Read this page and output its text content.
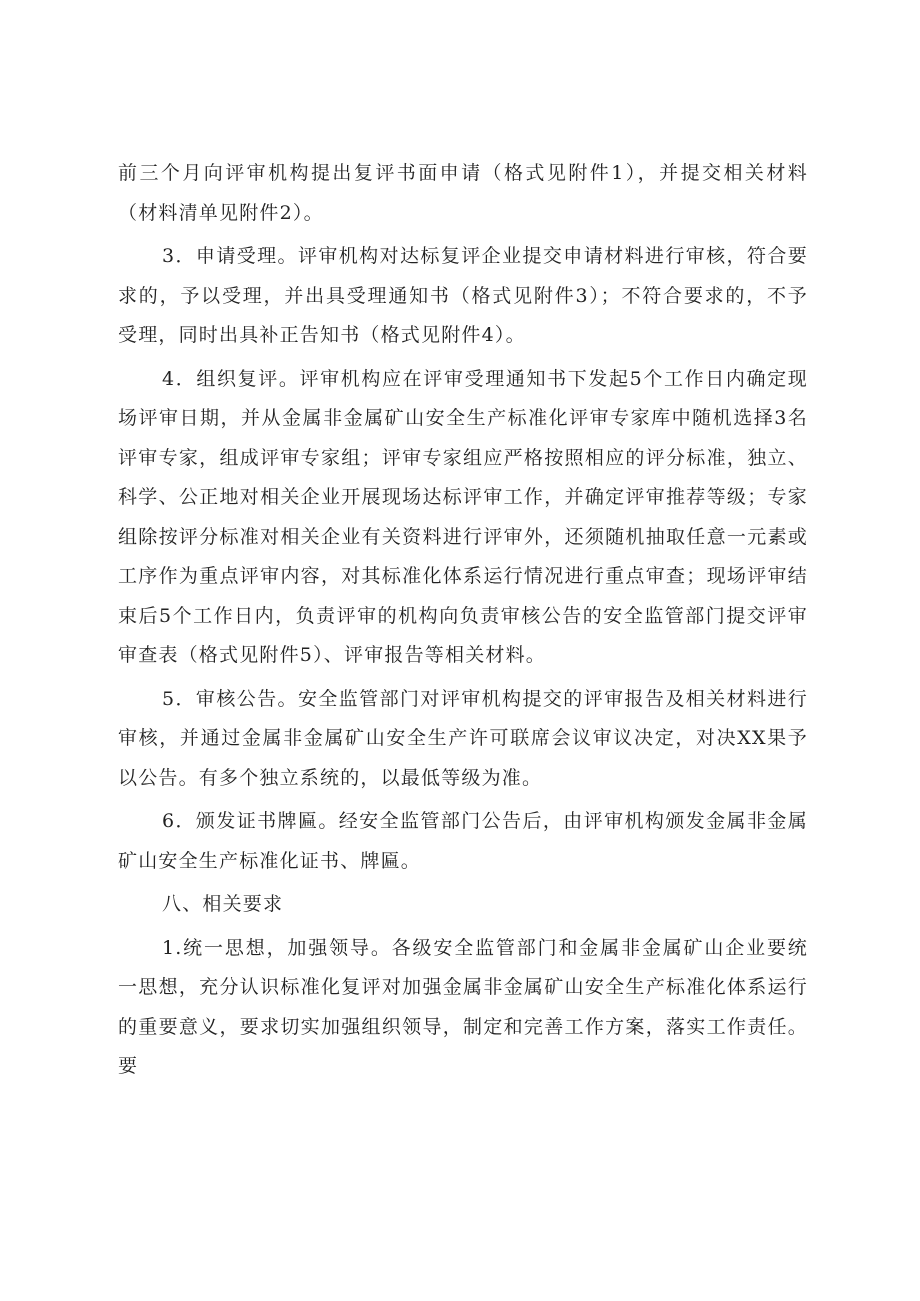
前三个月向评审机构提出复评书面申请（格式见附件1），并提交相关材料（材料清单见附件2）。

3．申请受理。评审机构对达标复评企业提交申请材料进行审核，符合要求的，予以受理，并出具受理通知书（格式见附件3）；不符合要求的，不予受理，同时出具补正告知书（格式见附件4）。

4．组织复评。评审机构应在评审受理通知书下发起5个工作日内确定现场评审日期，并从金属非金属矿山安全生产标准化评审专家库中随机选择3名评审专家，组成评审专家组；评审专家组应严格按照相应的评分标准，独立、科学、公正地对相关企业开展现场达标评审工作，并确定评审推荐等级；专家组除按评分标准对相关企业有关资料进行评审外，还须随机抽取任意一元素或工序作为重点评审内容，对其标准化体系运行情况进行重点审查；现场评审结束后5个工作日内，负责评审的机构向负责审核公告的安全监管部门提交评审审查表（格式见附件5）、评审报告等相关材料。

5．审核公告。安全监管部门对评审机构提交的评审报告及相关材料进行审核，并通过金属非金属矿山安全生产许可联席会议审议决定，对决XX果予以公告。有多个独立系统的，以最低等级为准。

6．颁发证书牌匾。经安全监管部门公告后，由评审机构颁发金属非金属矿山安全生产标准化证书、牌匾。

八、相关要求

1.统一思想，加强领导。各级安全监管部门和金属非金属矿山企业要统一思想，充分认识标准化复评对加强金属非金属矿山安全生产标准化体系运行的重要意义，要求切实加强组织领导，制定和完善工作方案，落实工作责任。要
